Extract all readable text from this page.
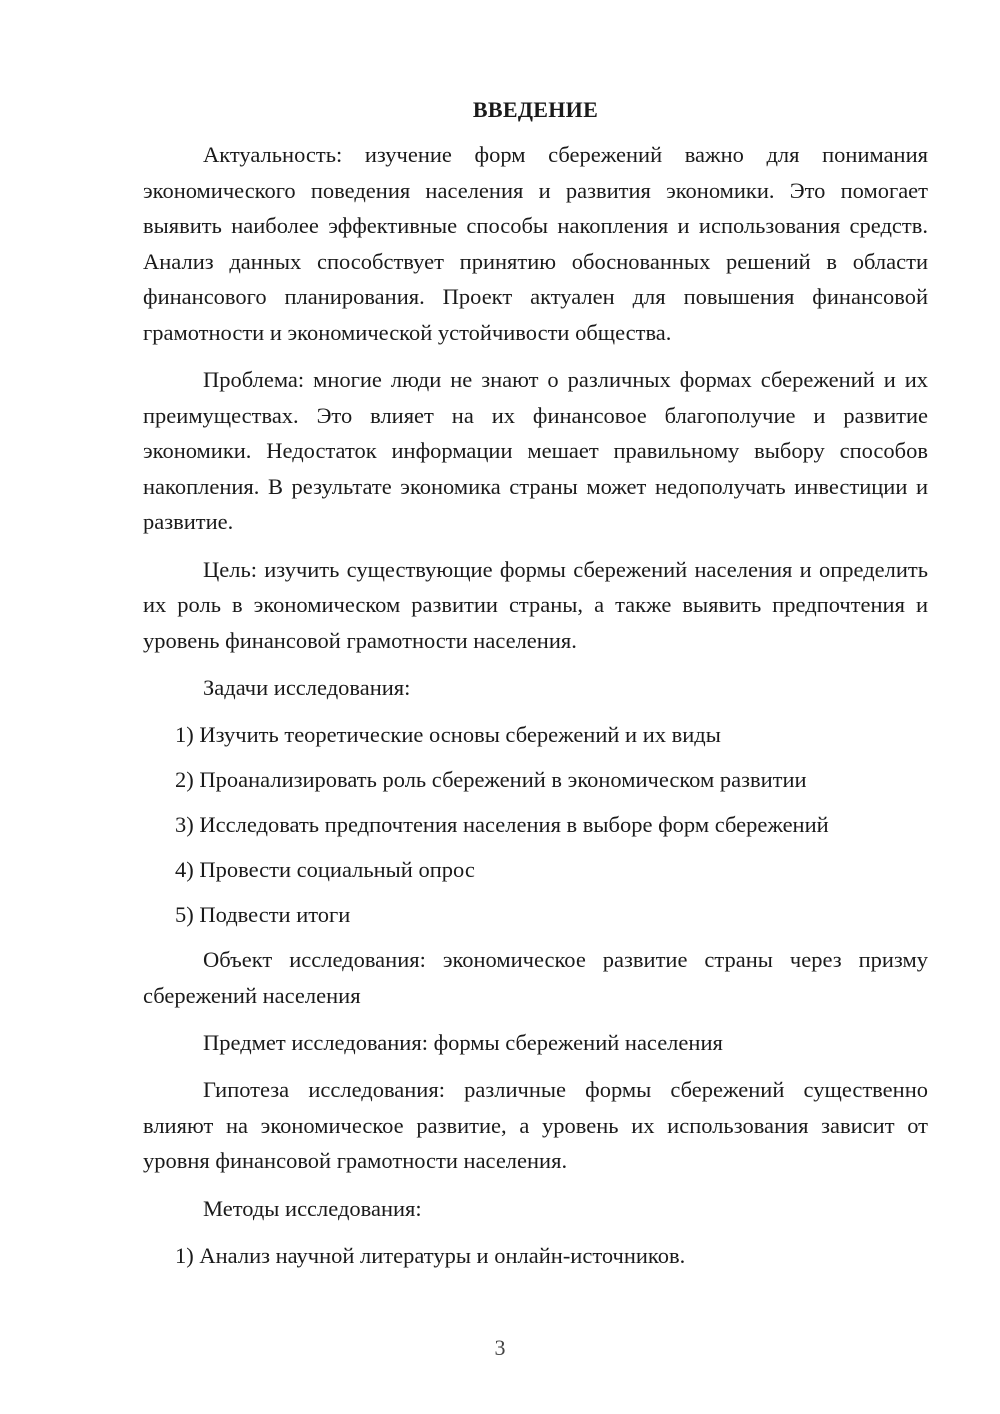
ВВЕДЕНИЕ

Актуальность: изучение форм сбережений важно для понимания экономического поведения населения и развития экономики. Это помогает выявить наиболее эффективные способы накопления и использования средств. Анализ данных способствует принятию обоснованных решений в области финансового планирования. Проект актуален для повышения финансовой грамотности и экономической устойчивости общества.

Проблема: многие люди не знают о различных формах сбережений и их преимуществах. Это влияет на их финансовое благополучие и развитие экономики. Недостаток информации мешает правильному выбору способов накопления. В результате экономика страны может недополучать инвестиции и развитие.

Цель: изучить существующие формы сбережений населения и определить их роль в экономическом развитии страны, а также выявить предпочтения и уровень финансовой грамотности населения.

Задачи исследования:

1) Изучить теоретические основы сбережений и их виды
2) Проанализировать роль сбережений в экономическом развитии
3) Исследовать предпочтения населения в выборе форм сбережений
4) Провести социальный опрос
5) Подвести итоги

Объект исследования: экономическое развитие страны через призму сбережений населения

Предмет исследования: формы сбережений населения

Гипотеза исследования: различные формы сбережений существенно влияют на экономическое развитие, а уровень их использования зависит от уровня финансовой грамотности населения.

Методы исследования:

1) Анализ научной литературы и онлайн-источников.
3
